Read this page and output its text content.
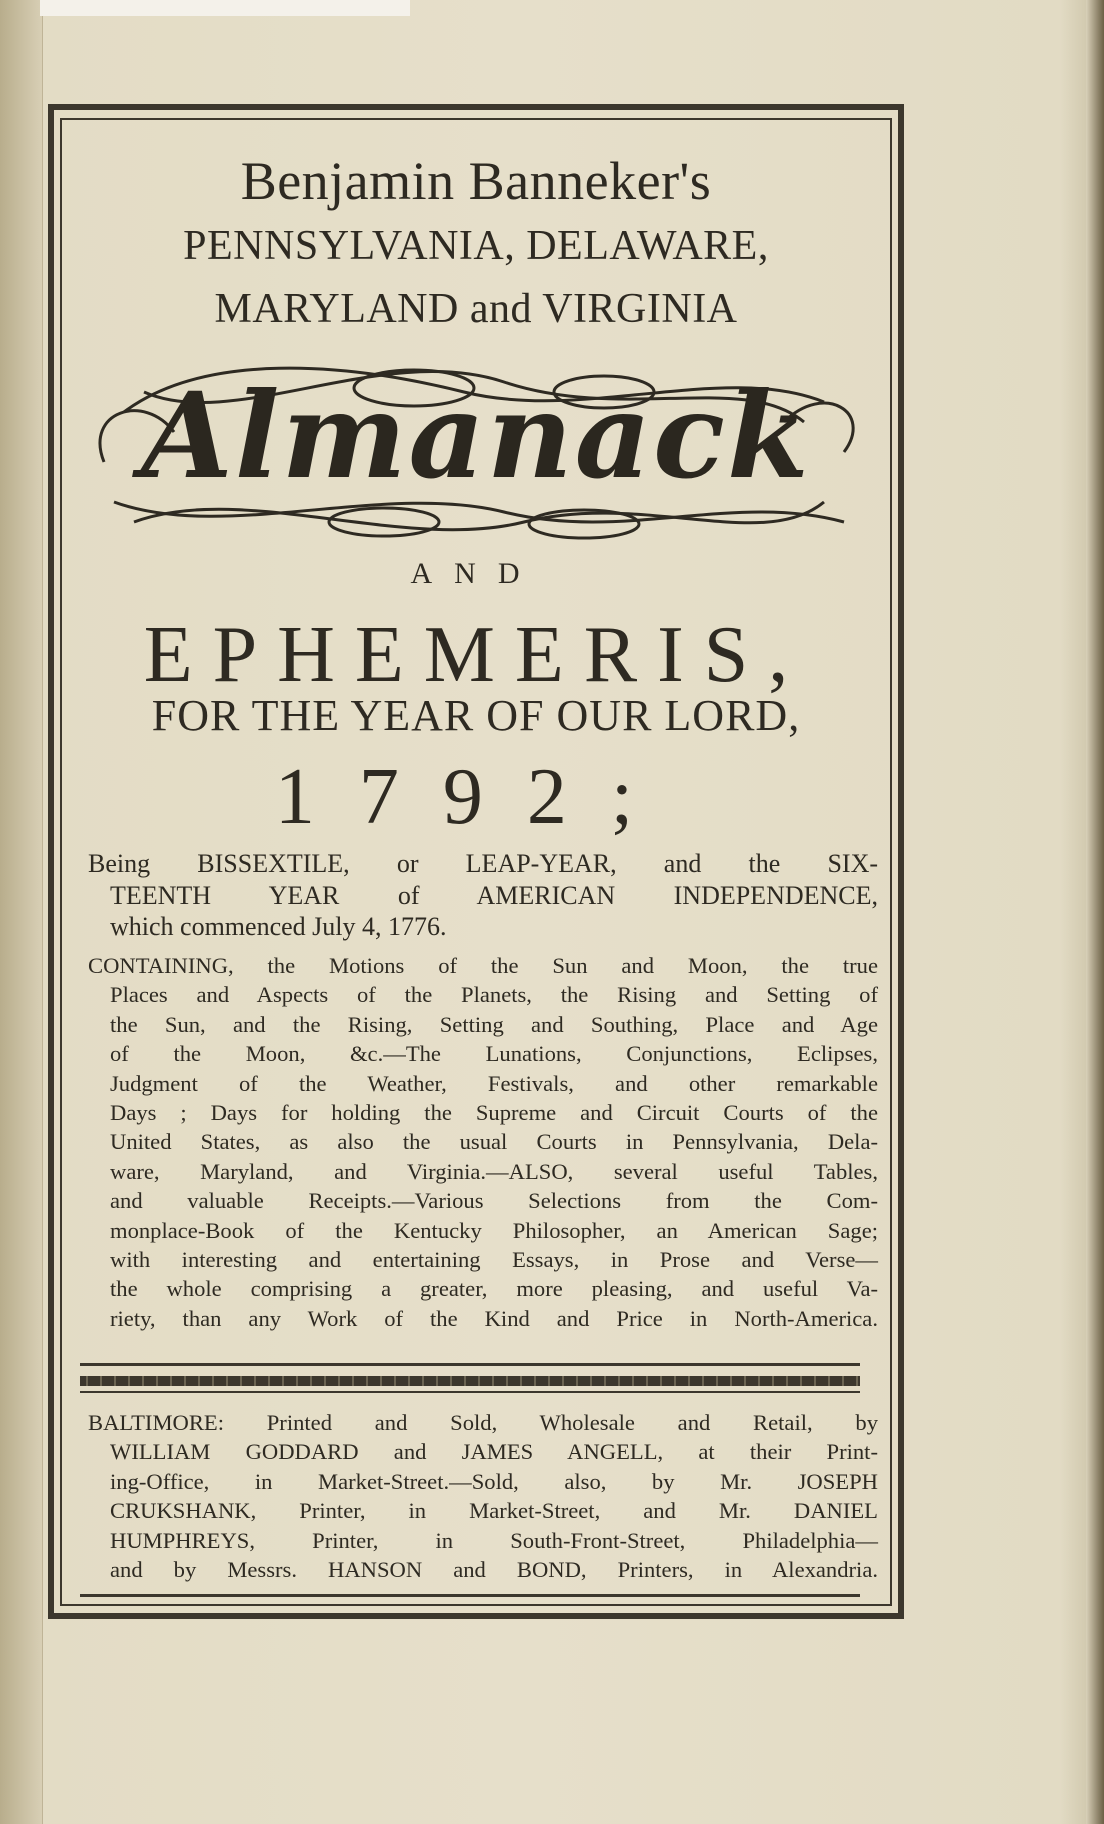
Benjamin Banneker's
PENNSYLVANIA, DELAWARE,
MARYLAND and VIRGINIA
Almanack
AND
EPHEMERIS,
FOR THE YEAR OF OUR LORD,
1792;
Being BISSEXTILE, or LEAP-YEAR, and the SIX-
TEENTH YEAR of AMERICAN INDEPENDENCE,
which commenced July 4, 1776.
CONTAINING, the Motions of the Sun and Moon, the true
Places and Aspects of the Planets, the Rising and Setting of
the Sun, and the Rising, Setting and Southing, Place and Age
of the Moon, &c.—The Lunations, Conjunctions, Eclipses,
Judgment of the Weather, Festivals, and other remarkable
Days ; Days for holding the Supreme and Circuit Courts of the
United States, as also the usual Courts in Pennsylvania, Dela-
ware, Maryland, and Virginia.—ALSO, several useful Tables,
and valuable Receipts.—Various Selections from the Com-
monplace-Book of the Kentucky Philosopher, an American Sage;
with interesting and entertaining Essays, in Prose and Verse—
the whole comprising a greater, more pleasing, and useful Va-
riety, than any Work of the Kind and Price in North-America.
BALTIMORE: Printed and Sold, Wholesale and Retail, by
WILLIAM GODDARD and JAMES ANGELL, at their Print-
ing-Office, in Market-Street.—Sold, also, by Mr. JOSEPH
CRUKSHANK, Printer, in Market-Street, and Mr. DANIEL
HUMPHREYS, Printer, in South-Front-Street, Philadelphia—
and by Messrs. HANSON and BOND, Printers, in Alexandria.
